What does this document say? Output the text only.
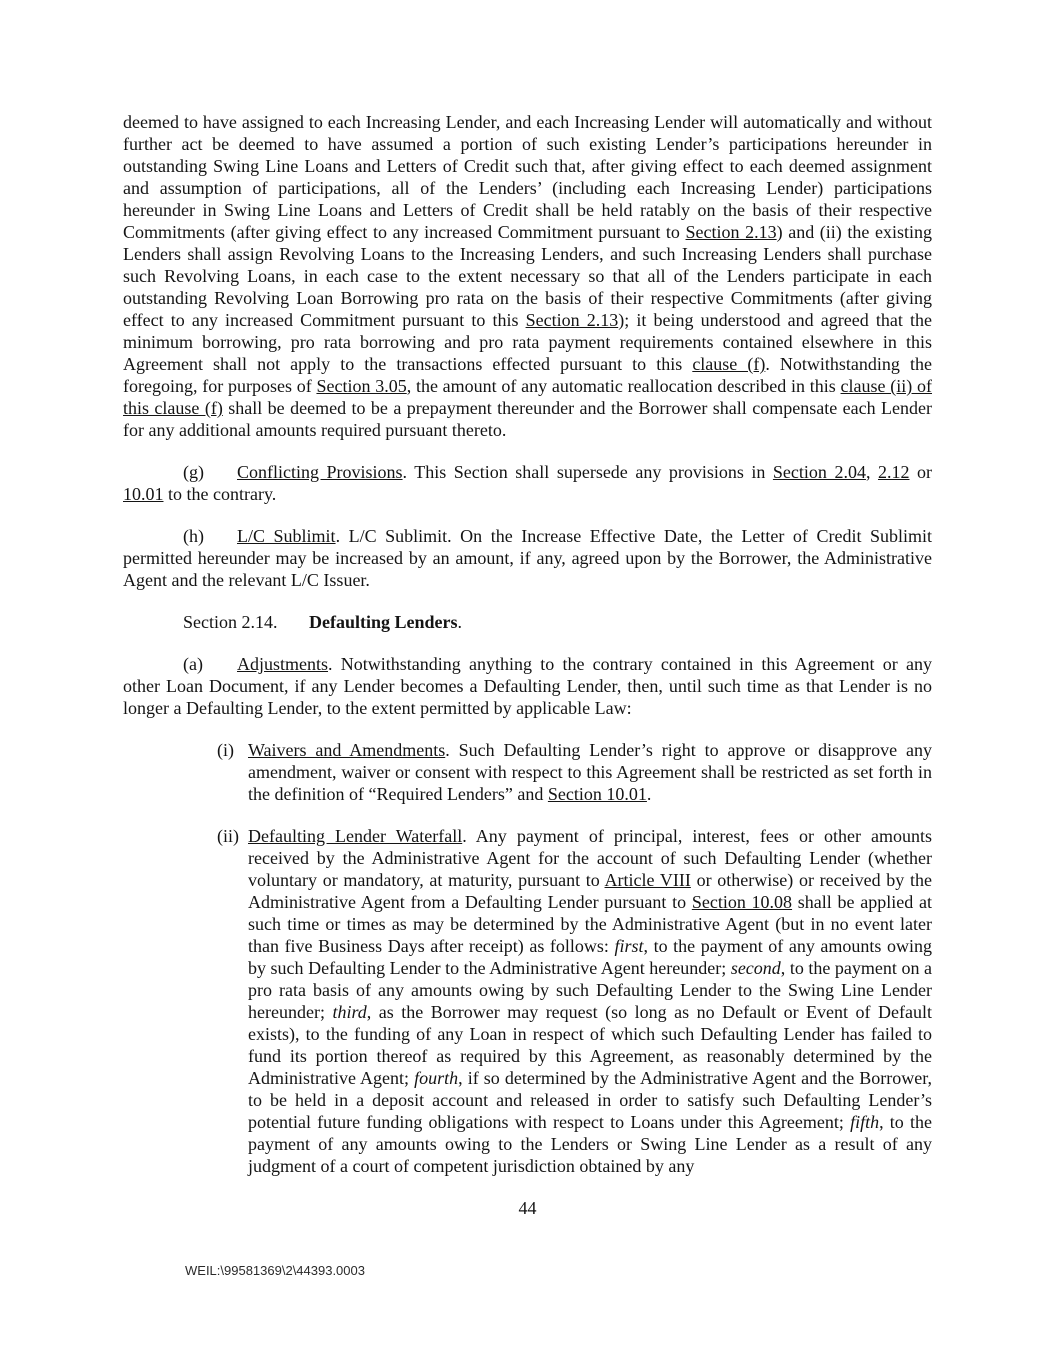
deemed to have assigned to each Increasing Lender, and each Increasing Lender will automatically and without further act be deemed to have assumed a portion of such existing Lender’s participations hereunder in outstanding Swing Line Loans and Letters of Credit such that, after giving effect to each deemed assignment and assumption of participations, all of the Lenders’ (including each Increasing Lender) participations hereunder in Swing Line Loans and Letters of Credit shall be held ratably on the basis of their respective Commitments (after giving effect to any increased Commitment pursuant to Section 2.13) and (ii) the existing Lenders shall assign Revolving Loans to the Increasing Lenders, and such Increasing Lenders shall purchase such Revolving Loans, in each case to the extent necessary so that all of the Lenders participate in each outstanding Revolving Loan Borrowing pro rata on the basis of their respective Commitments (after giving effect to any increased Commitment pursuant to this Section 2.13); it being understood and agreed that the minimum borrowing, pro rata borrowing and pro rata payment requirements contained elsewhere in this Agreement shall not apply to the transactions effected pursuant to this clause (f). Notwithstanding the foregoing, for purposes of Section 3.05, the amount of any automatic reallocation described in this clause (ii) of this clause (f) shall be deemed to be a prepayment thereunder and the Borrower shall compensate each Lender for any additional amounts required pursuant thereto.
(g) Conflicting Provisions. This Section shall supersede any provisions in Section 2.04, 2.12 or 10.01 to the contrary.
(h) L/C Sublimit. L/C Sublimit. On the Increase Effective Date, the Letter of Credit Sublimit permitted hereunder may be increased by an amount, if any, agreed upon by the Borrower, the Administrative Agent and the relevant L/C Issuer.
Section 2.14. Defaulting Lenders.
(a) Adjustments. Notwithstanding anything to the contrary contained in this Agreement or any other Loan Document, if any Lender becomes a Defaulting Lender, then, until such time as that Lender is no longer a Defaulting Lender, to the extent permitted by applicable Law:
(i) Waivers and Amendments. Such Defaulting Lender’s right to approve or disapprove any amendment, waiver or consent with respect to this Agreement shall be restricted as set forth in the definition of “Required Lenders” and Section 10.01.
(ii) Defaulting Lender Waterfall. Any payment of principal, interest, fees or other amounts received by the Administrative Agent for the account of such Defaulting Lender (whether voluntary or mandatory, at maturity, pursuant to Article VIII or otherwise) or received by the Administrative Agent from a Defaulting Lender pursuant to Section 10.08 shall be applied at such time or times as may be determined by the Administrative Agent (but in no event later than five Business Days after receipt) as follows: first, to the payment of any amounts owing by such Defaulting Lender to the Administrative Agent hereunder; second, to the payment on a pro rata basis of any amounts owing by such Defaulting Lender to the Swing Line Lender hereunder; third, as the Borrower may request (so long as no Default or Event of Default exists), to the funding of any Loan in respect of which such Defaulting Lender has failed to fund its portion thereof as required by this Agreement, as reasonably determined by the Administrative Agent; fourth, if so determined by the Administrative Agent and the Borrower, to be held in a deposit account and released in order to satisfy such Defaulting Lender’s potential future funding obligations with respect to Loans under this Agreement; fifth, to the payment of any amounts owing to the Lenders or Swing Line Lender as a result of any judgment of a court of competent jurisdiction obtained by any
44
WEIL:\99581369\2\44393.0003
